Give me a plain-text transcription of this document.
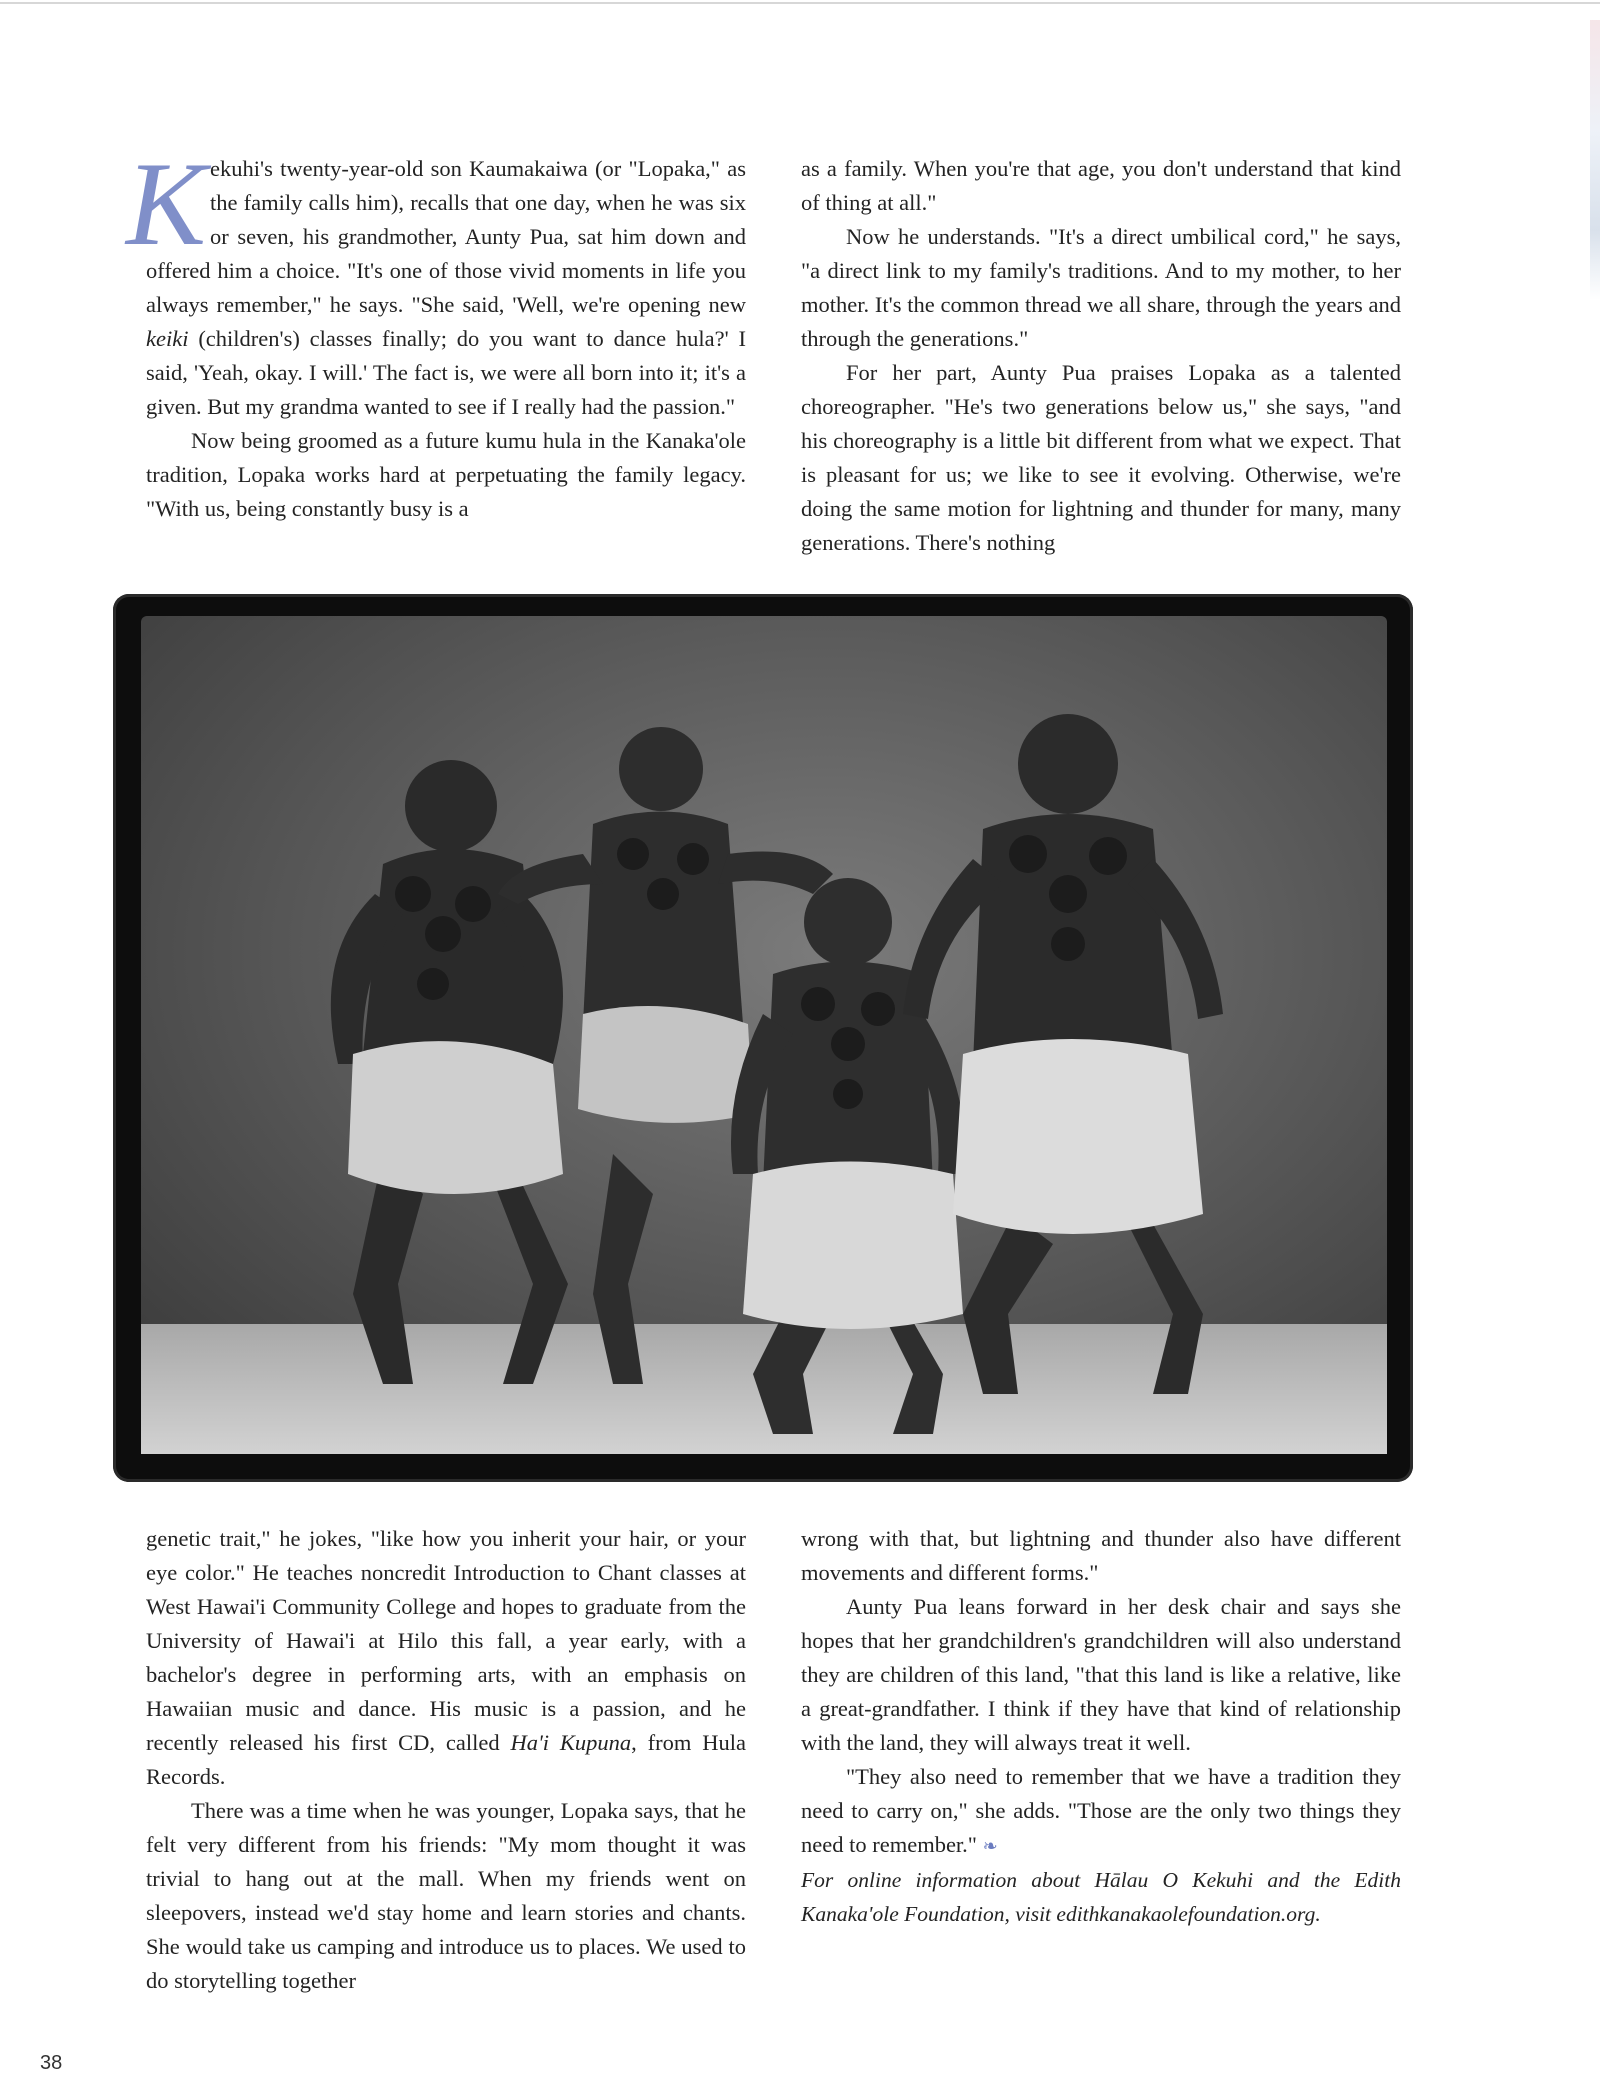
Kekuhi's twenty-year-old son Kaumakaiwa (or "Lopaka," as the family calls him), recalls that one day, when he was six or seven, his grandmother, Aunty Pua, sat him down and offered him a choice. "It's one of those vivid moments in life you always remember," he says. "She said, 'Well, we're opening new keiki (children's) classes finally; do you want to dance hula?' I said, 'Yeah, okay. I will.' The fact is, we were all born into it; it's a given. But my grandma wanted to see if I really had the passion."

Now being groomed as a future kumu hula in the Kanaka'ole tradition, Lopaka works hard at perpetuating the family legacy. "With us, being constantly busy is a

as a family. When you're that age, you don't understand that kind of thing at all."

Now he understands. "It's a direct umbilical cord," he says, "a direct link to my family's traditions. And to my mother, to her mother. It's the common thread we all share, through the years and through the generations."

For her part, Aunty Pua praises Lopaka as a talented choreographer. "He's two generations below us," she says, "and his choreography is a little bit different from what we expect. That is pleasant for us; we like to see it evolving. Otherwise, we're doing the same motion for lightning and thunder for many, many generations. There's nothing

genetic trait," he jokes, "like how you inherit your hair, or your eye color." He teaches noncredit Introduction to Chant classes at West Hawai'i Community College and hopes to graduate from the University of Hawai'i at Hilo this fall, a year early, with a bachelor's degree in performing arts, with an emphasis on Hawaiian music and dance. His music is a passion, and he recently released his first CD, called Ha'i Kupuna, from Hula Records.

There was a time when he was younger, Lopaka says, that he felt very different from his friends: "My mom thought it was trivial to hang out at the mall. When my friends went on sleepovers, instead we'd stay home and learn stories and chants. She would take us camping and introduce us to places. We used to do storytelling together

wrong with that, but lightning and thunder also have different movements and different forms."

Aunty Pua leans forward in her desk chair and says she hopes that her grandchildren's grandchildren will also understand they are children of this land, "that this land is like a relative, like a great-grandfather. I think if they have that kind of relationship with the land, they will always treat it well.

"They also need to remember that we have a tradition they need to carry on," she adds. "Those are the only two things they need to remember." ❧

For online information about Hālau O Kekuhi and the Edith Kanaka'ole Foundation, visit edithkanakaolefoundation.org.

38
